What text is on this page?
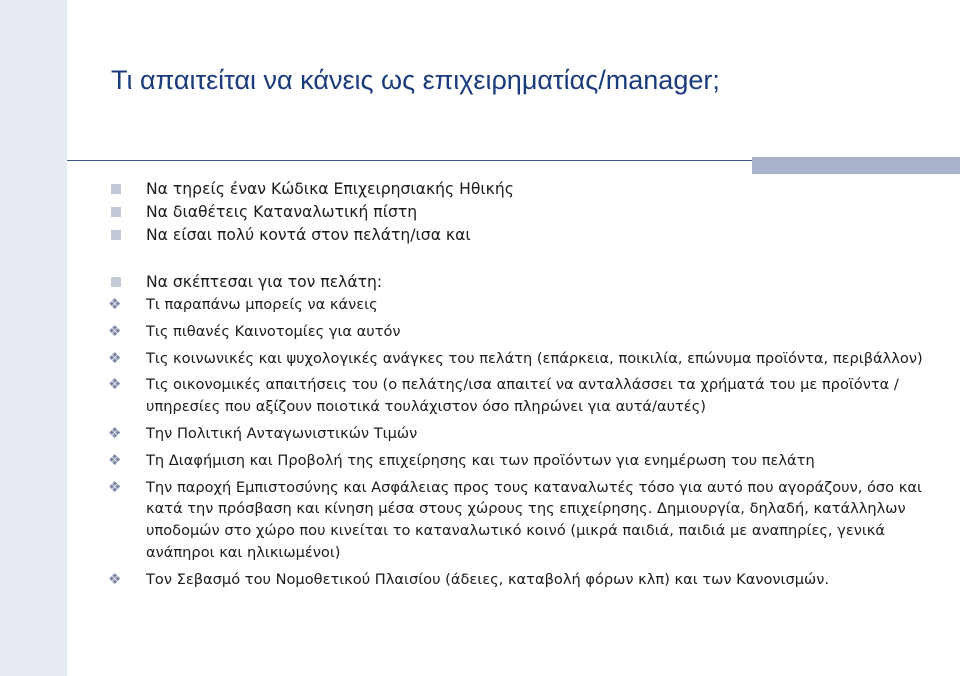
Τι απαιτείται να κάνεις ως επιχειρηματίας/manager;

Να τηρείς έναν Κώδικα Επιχειρησιακής Ηθικής

Να διαθέτεις Καταναλωτική πίστη

Να είσαι πολύ κοντά στον πελάτη/ισα και

Να σκέπτεσαι για τον πελάτη:

❖ Τι παραπάνω μπορείς να κάνεις

❖ Τις πιθανές Καινοτομίες για αυτόν

❖ Τις κοινωνικές και ψυχολογικές ανάγκες του πελάτη (επάρκεια, ποικιλία, επώνυμα προϊόντα, περιβάλλον)

❖ Τις οικονομικές απαιτήσεις του (ο πελάτης/ισα απαιτεί να ανταλλάσσει τα χρήματά του με προϊόντα / υπηρεσίες που αξίζουν ποιοτικά τουλάχιστον όσο πληρώνει για αυτά/αυτές)

❖ Την Πολιτική Ανταγωνιστικών Τιμών

❖ Τη Διαφήμιση και Προβολή της επιχείρησης και των προϊόντων για ενημέρωση του πελάτη

❖ Την παροχή Εμπιστοσύνης και Ασφάλειας προς τους καταναλωτές τόσο για αυτό που αγοράζουν, όσο και κατά την πρόσβαση και κίνηση μέσα στους χώρους της επιχείρησης. Δημιουργία, δηλαδή, κατάλληλων υποδομών στο χώρο που κινείται το καταναλωτικό κοινό (μικρά παιδιά, παιδιά με αναπηρίες, γενικά ανάπηροι και ηλικιωμένοι)

❖ Τον Σεβασμό του Νομοθετικού Πλαισίου (άδειες, καταβολή φόρων κλπ) και των Κανονισμών.
